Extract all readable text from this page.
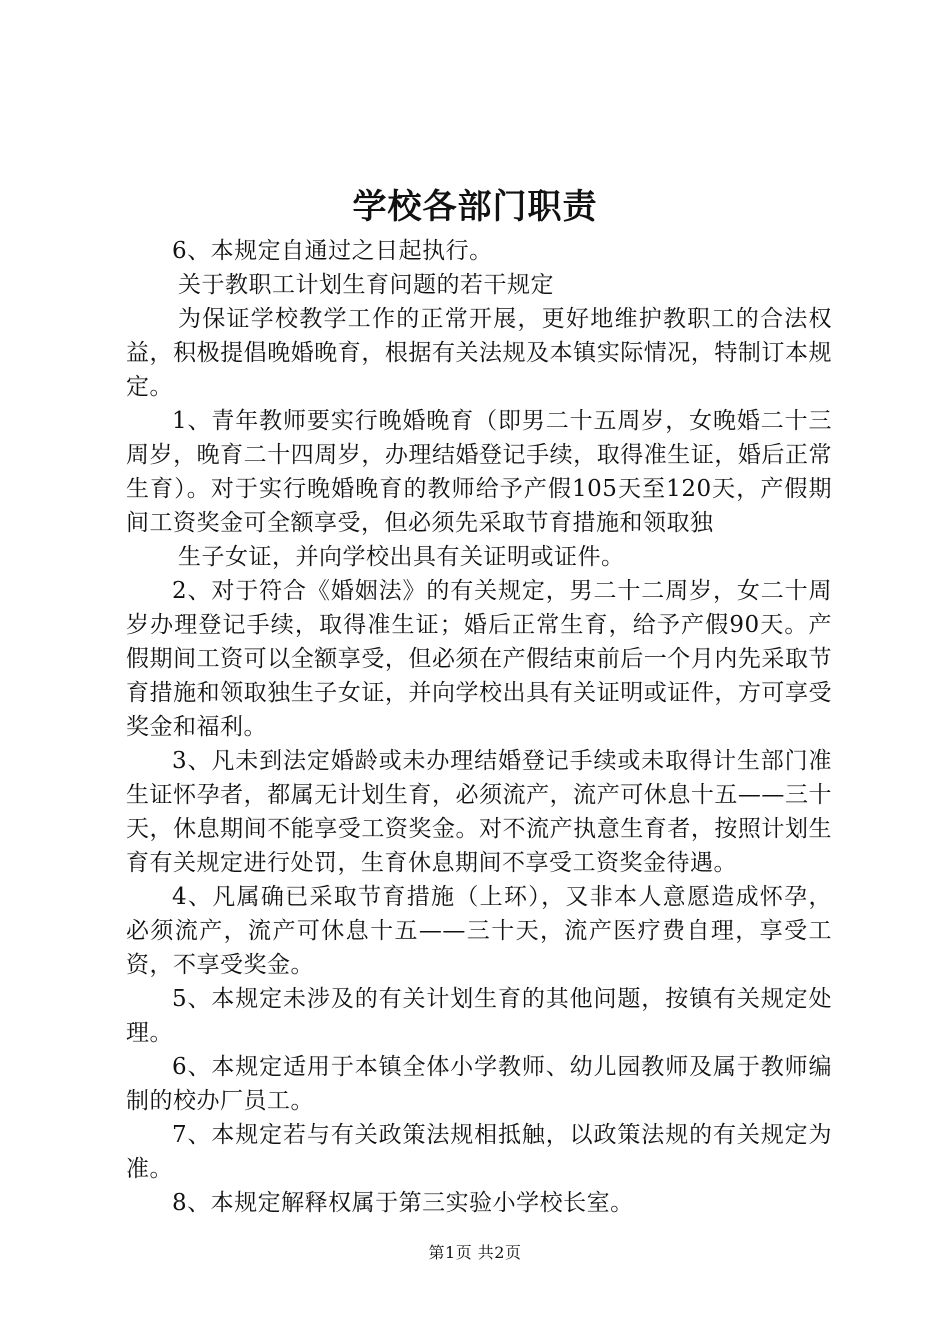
学校各部门职责

6、本规定自通过之日起执行。

关于教职工计划生育问题的若干规定

为保证学校教学工作的正常开展，更好地维护教职工的合法权益，积极提倡晚婚晚育，根据有关法规及本镇实际情况，特制订本规定。

1、青年教师要实行晚婚晚育（即男二十五周岁，女晚婚二十三周岁，晚育二十四周岁，办理结婚登记手续，取得准生证，婚后正常生育）。对于实行晚婚晚育的教师给予产假105天至120天，产假期间工资奖金可全额享受，但必须先采取节育措施和领取独

生子女证，并向学校出具有关证明或证件。

2、对于符合《婚姻法》的有关规定，男二十二周岁，女二十周岁办理登记手续，取得准生证；婚后正常生育，给予产假90天。产假期间工资可以全额享受，但必须在产假结束前后一个月内先采取节育措施和领取独生子女证，并向学校出具有关证明或证件，方可享受奖金和福利。

3、凡未到法定婚龄或未办理结婚登记手续或未取得计生部门准生证怀孕者，都属无计划生育，必须流产，流产可休息十五——三十天，休息期间不能享受工资奖金。对不流产执意生育者，按照计划生育有关规定进行处罚，生育休息期间不享受工资奖金待遇。

4、凡属确已采取节育措施（上环），又非本人意愿造成怀孕，必须流产，流产可休息十五——三十天，流产医疗费自理，享受工资，不享受奖金。

5、本规定未涉及的有关计划生育的其他问题，按镇有关规定处理。

6、本规定适用于本镇全体小学教师、幼儿园教师及属于教师编制的校办厂员工。

7、本规定若与有关政策法规相抵触，以政策法规的有关规定为准。

8、本规定解释权属于第三实验小学校长室。

第1页 共2页
